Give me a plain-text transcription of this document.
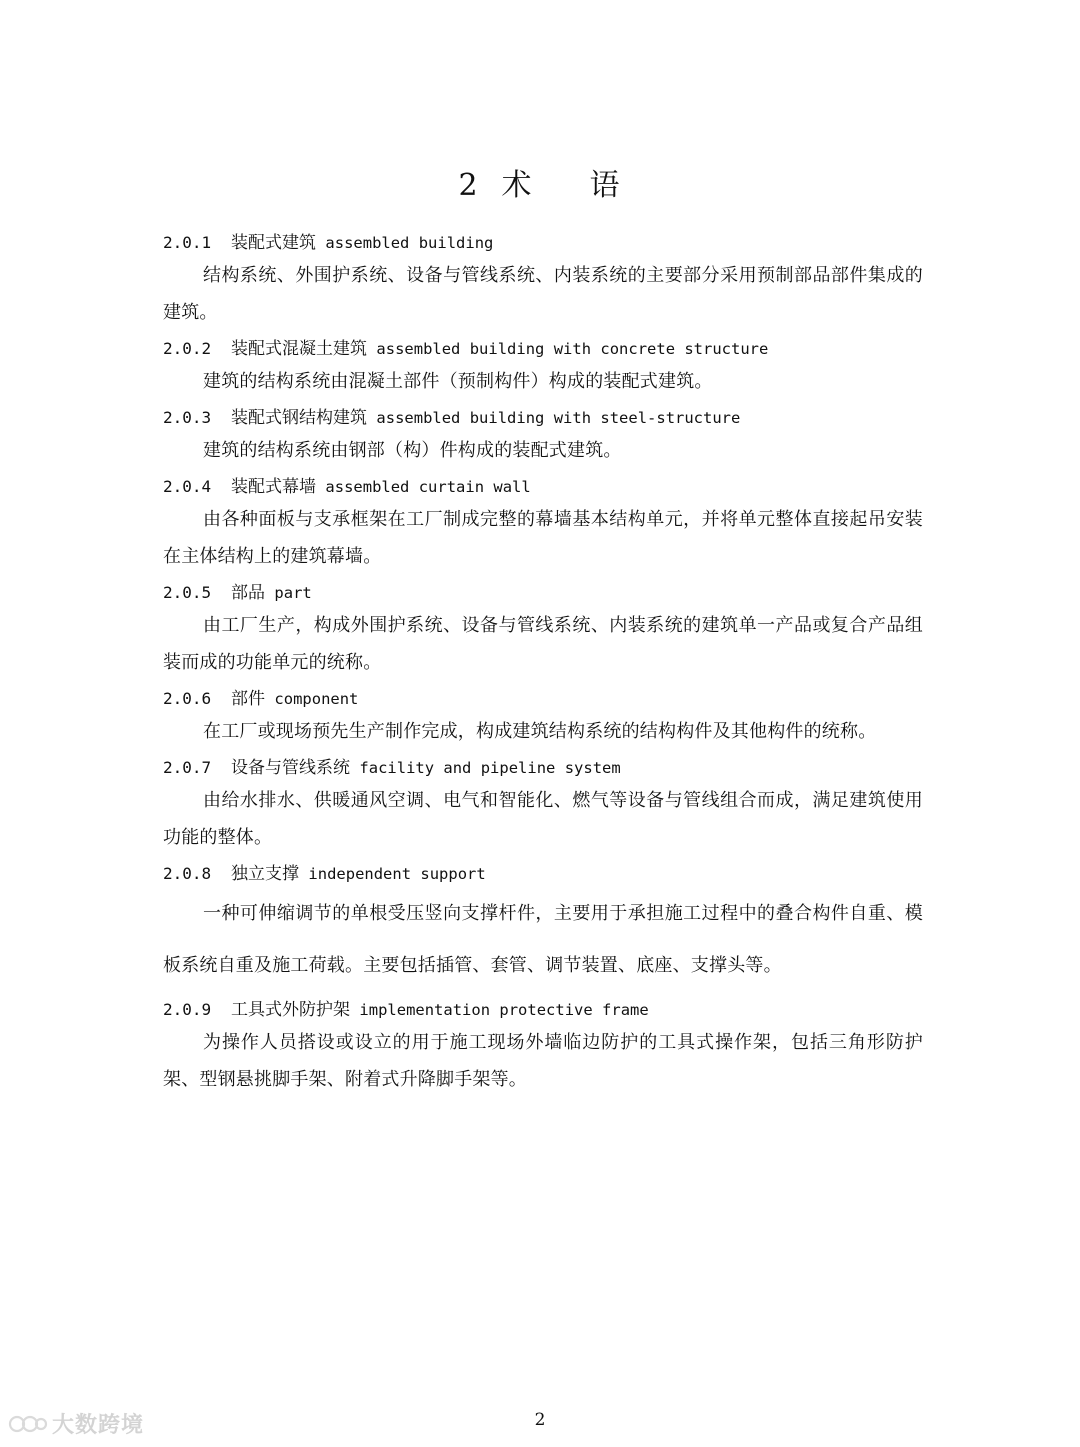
2 术 语

2.0.1 装配式建筑 assembled building

结构系统、外围护系统、设备与管线系统、内装系统的主要部分采用预制部品部件集成的建筑。

2.0.2 装配式混凝土建筑 assembled building with concrete structure

建筑的结构系统由混凝土部件（预制构件）构成的装配式建筑。

2.0.3 装配式钢结构建筑 assembled building with steel-structure

建筑的结构系统由钢部（构）件构成的装配式建筑。

2.0.4 装配式幕墙 assembled curtain wall

由各种面板与支承框架在工厂制成完整的幕墙基本结构单元，并将单元整体直接起吊安装在主体结构上的建筑幕墙。

2.0.5 部品 part

由工厂生产，构成外围护系统、设备与管线系统、内装系统的建筑单一产品或复合产品组装而成的功能单元的统称。

2.0.6 部件 component

在工厂或现场预先生产制作完成，构成建筑结构系统的结构构件及其他构件的统称。

2.0.7 设备与管线系统 facility and pipeline system

由给水排水、供暖通风空调、电气和智能化、燃气等设备与管线组合而成，满足建筑使用功能的整体。

2.0.8 独立支撑 independent support

一种可伸缩调节的单根受压竖向支撑杆件，主要用于承担施工过程中的叠合构件自重、模板系统自重及施工荷载。主要包括插管、套管、调节装置、底座、支撑头等。

2.0.9 工具式外防护架 implementation protective frame

为操作人员搭设或设立的用于施工现场外墙临边防护的工具式操作架，包括三角形防护架、型钢悬挑脚手架、附着式升降脚手架等。

大数跨境	2
